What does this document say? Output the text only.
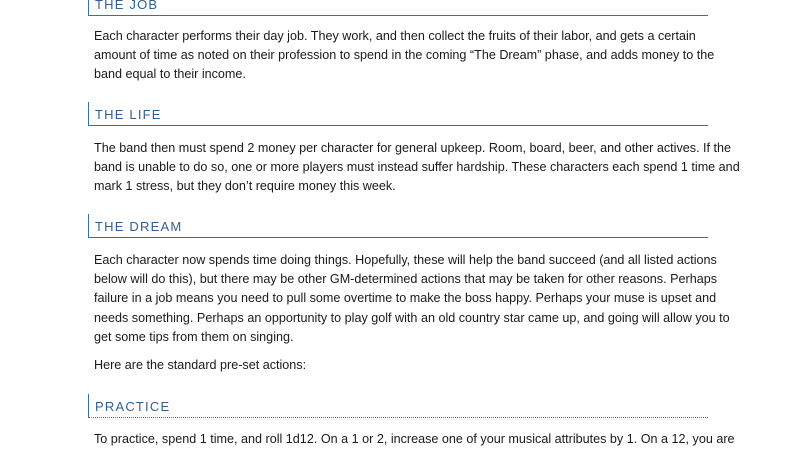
THE JOB
Each character performs their day job. They work, and then collect the fruits of their labor, and gets a certain
amount of time as noted on their profession to spend in the coming “The Dream” phase, and adds money to the
band equal to their income.
THE LIFE
The band then must spend 2 money per character for general upkeep. Room, board, beer, and other actives. If the
band is unable to do so, one or more players must instead suffer hardship. These characters each spend 1 time and
mark 1 stress, but they don’t require money this week.
THE DREAM
Each character now spends time doing things. Hopefully, these will help the band succeed (and all listed actions
below will do this), but there may be other GM-determined actions that may be taken for other reasons. Perhaps
failure in a job means you need to pull some overtime to make the boss happy. Perhaps your muse is upset and
needs something. Perhaps an opportunity to play golf with an old country star came up, and going will allow you to
get some tips from them on singing.
Here are the standard pre-set actions:
PRACTICE
To practice, spend 1 time, and roll 1d12. On a 1 or 2, increase one of your musical attributes by 1. On a 12, you are
